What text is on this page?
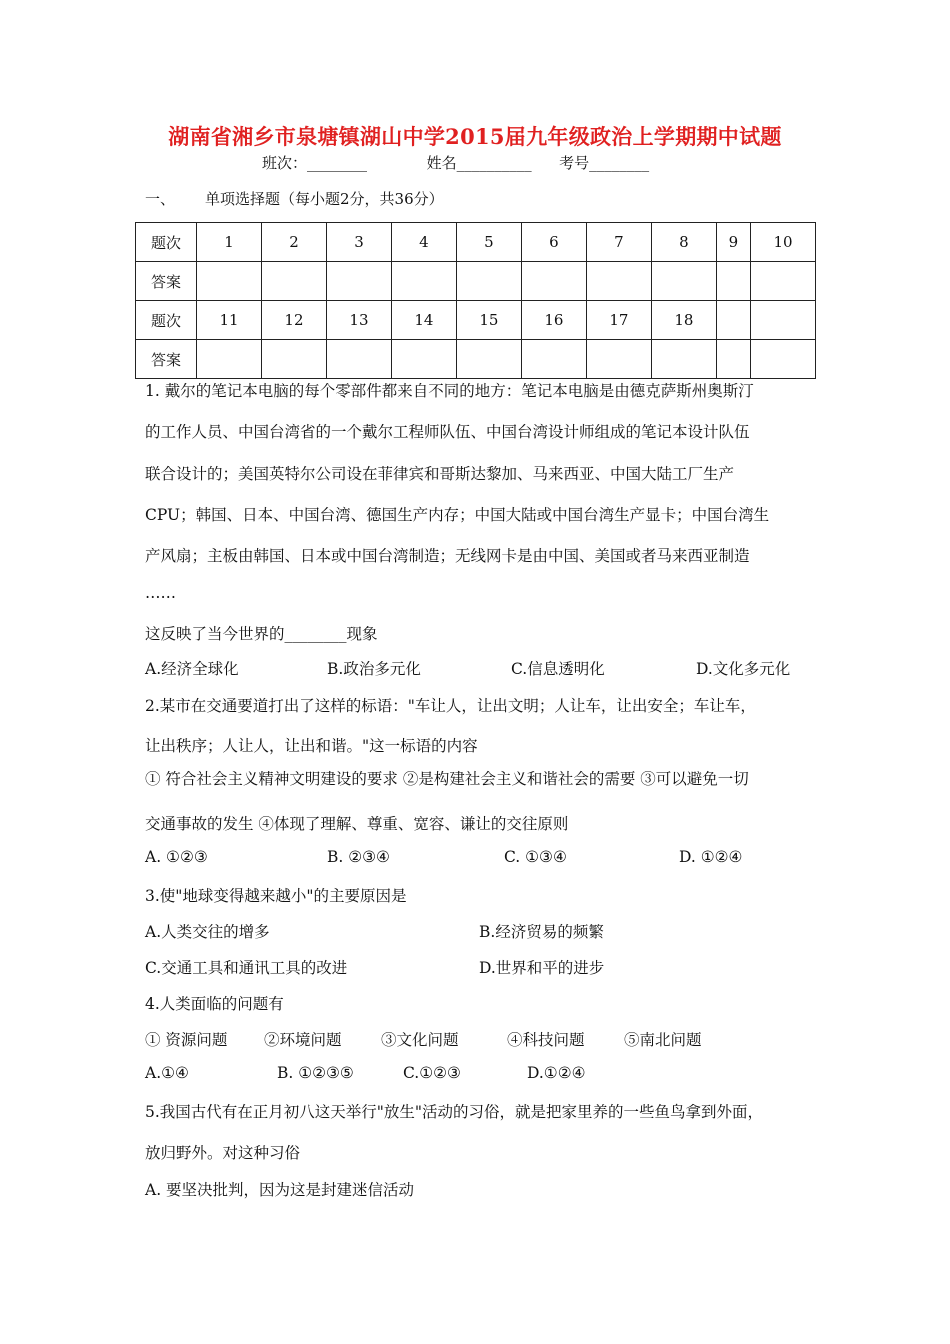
湖南省湘乡市泉塘镇湖山中学2015届九年级政治上学期期中试题
班次：________	姓名__________ 考号________
一、 单项选择题（每小题2分，共36分）
题次	1	2	3	4	5	6	7	8	9	10
答案										
题次	11	12	13	14	15	16	17	18		
答案										
1. 戴尔的笔记本电脑的每个零部件都来自不同的地方：笔记本电脑是由德克萨斯州奥斯汀
的工作人员、中国台湾省的一个戴尔工程师队伍、中国台湾设计师组成的笔记本设计队伍
联合设计的；美国英特尔公司设在菲律宾和哥斯达黎加、马来西亚、中国大陆工厂生产
CPU；韩国、日本、中国台湾、德国生产内存；中国大陆或中国台湾生产显卡；中国台湾生
产风扇；主板由韩国、日本或中国台湾制造；无线网卡是由中国、美国或者马来西亚制造
……
这反映了当今世界的________现象
A.经济全球化	B.政治多元化	C.信息透明化	D.文化多元化
2.某市在交通要道打出了这样的标语："车让人，让出文明；人让车，让出安全；车让车，
让出秩序；人让人，让出和谐。"这一标语的内容
① 符合社会主义精神文明建设的要求 ②是构建社会主义和谐社会的需要 ③可以避免一切
交通事故的发生 ④体现了理解、尊重、宽容、谦让的交往原则
A. ①②③	B. ②③④	C. ①③④	D. ①②④
3.使"地球变得越来越小"的主要原因是
A.人类交往的增多	B.经济贸易的频繁
C.交通工具和通讯工具的改进	D.世界和平的进步
4.人类面临的问题有
① 资源问题 ②环境问题	③文化问题	④科技问题	⑤南北问题
A.①④	B. ①②③⑤	C.①②③	D.①②④
5.我国古代有在正月初八这天举行"放生"活动的习俗，就是把家里养的一些鱼鸟拿到外面，
放归野外。对这种习俗
A. 要坚决批判，因为这是封建迷信活动
